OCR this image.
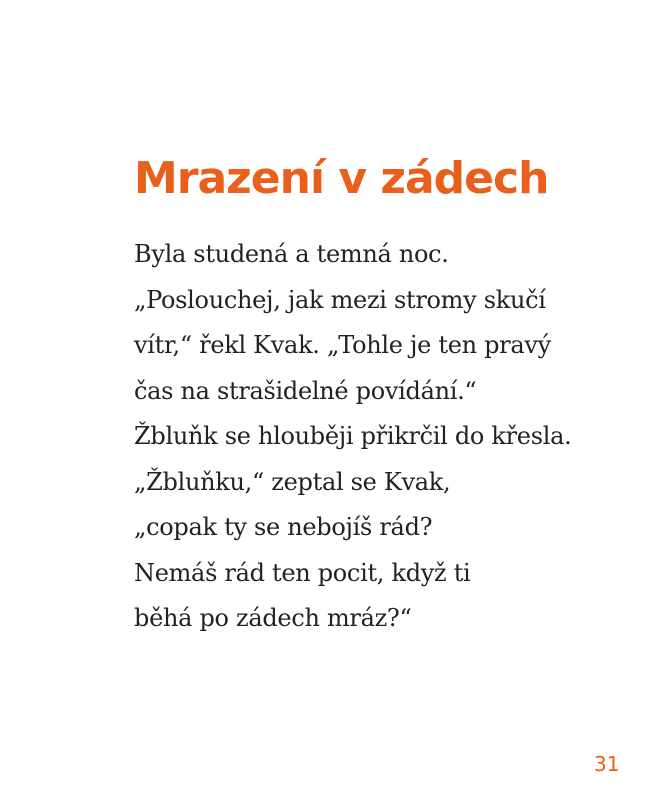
Mrazení v zádech
Byla studená a temná noc.
„Poslouchej, jak mezi stromy skučí
vítr,“ řekl Kvak. „Tohle je ten pravý
čas na strašidelné povídání.“
Žbluňk se hlouběji přikrčil do křesla.
„Žbluňku,“ zeptal se Kvak,
„copak ty se nebojíš rád?
Nemáš rád ten pocit, když ti
běhá po zádech mráz?“
31
